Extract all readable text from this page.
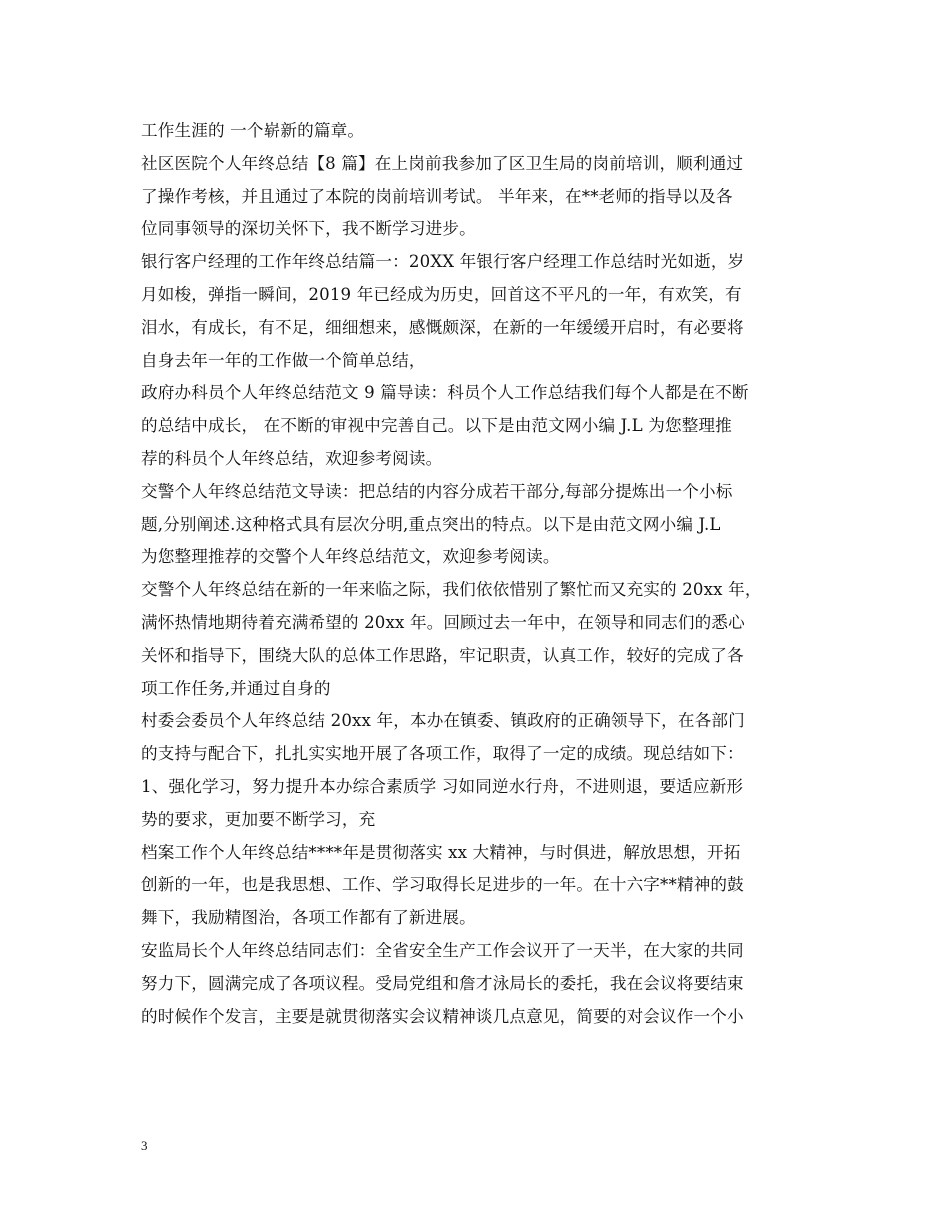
工作生涯的 一个崭新的篇章。
社区医院个人年终总结【8 篇】在上岗前我参加了区卫生局的岗前培训，顺利通过
了操作考核，并且通过了本院的岗前培训考试。 半年来，在**老师的指导以及各
位同事领导的深切关怀下，我不断学习进步。
银行客户经理的工作年终总结篇一：20XX 年银行客户经理工作总结时光如逝，岁
月如梭，弹指一瞬间，2019 年已经成为历史，回首这不平凡的一年，有欢笑，有
泪水，有成长，有不足，细细想来，感慨颇深，在新的一年缓缓开启时，有必要将
自身去年一年的工作做一个简单总结，
政府办科员个人年终总结范文 9 篇导读：科员个人工作总结我们每个人都是在不断
的总结中成长， 在不断的审视中完善自己。以下是由范文网小编 J.L 为您整理推
荐的科员个人年终总结，欢迎参考阅读。
交警个人年终总结范文导读：把总结的内容分成若干部分,每部分提炼出一个小标
题,分别阐述.这种格式具有层次分明,重点突出的特点。以下是由范文网小编 J.L
为您整理推荐的交警个人年终总结范文，欢迎参考阅读。
交警个人年终总结在新的一年来临之际，我们依依惜别了繁忙而又充实的 20xx 年，
满怀热情地期待着充满希望的 20xx 年。回顾过去一年中，在领导和同志们的悉心
关怀和指导下，围绕大队的总体工作思路，牢记职责，认真工作，较好的完成了各
项工作任务,并通过自身的
村委会委员个人年终总结 20xx 年，本办在镇委、镇政府的正确领导下，在各部门
的支持与配合下，扎扎实实地开展了各项工作，取得了一定的成绩。现总结如下：
1、强化学习，努力提升本办综合素质学 习如同逆水行舟，不进则退，要适应新形
势的要求，更加要不断学习，充
档案工作个人年终总结****年是贯彻落实 xx 大精神，与时俱进，解放思想，开拓
创新的一年，也是我思想、工作、学习取得长足进步的一年。在十六字**精神的鼓
舞下，我励精图治，各项工作都有了新进展。
安监局长个人年终总结同志们：全省安全生产工作会议开了一天半，在大家的共同
努力下，圆满完成了各项议程。受局党组和詹才泳局长的委托，我在会议将要结束
的时候作个发言，主要是就贯彻落实会议精神谈几点意见，简要的对会议作一个小
3
